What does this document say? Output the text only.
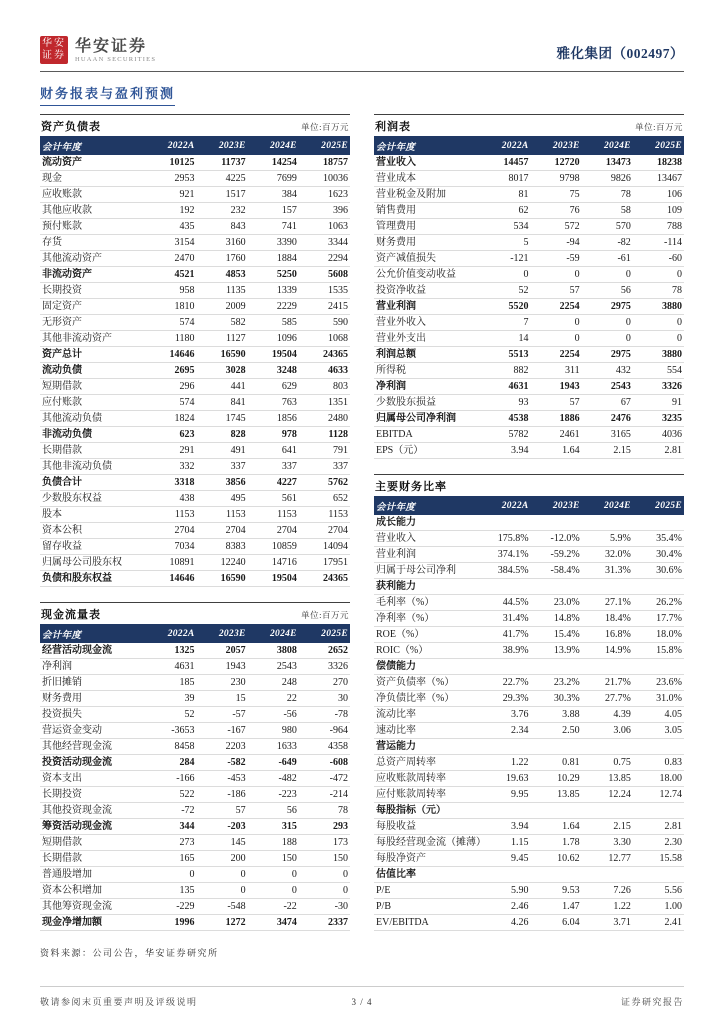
华安证券
华安证券
HUAAN SECURITIES	雅化集团（002497）
财务报表与盈利预测
资产负债表	单位:百万元
会计年度	2022A	2023E	2024E	2025E
流动资产	10125	11737	14254	18757
现金	2953	4225	7699	10036
应收账款	921	1517	384	1623
其他应收款	192	232	157	396
预付账款	435	843	741	1063
存货	3154	3160	3390	3344
其他流动资产	2470	1760	1884	2294
非流动资产	4521	4853	5250	5608
长期投资	958	1135	1339	1535
固定资产	1810	2009	2229	2415
无形资产	574	582	585	590
其他非流动资产	1180	1127	1096	1068
资产总计	14646	16590	19504	24365
流动负债	2695	3028	3248	4633
短期借款	296	441	629	803
应付账款	574	841	763	1351
其他流动负债	1824	1745	1856	2480
非流动负债	623	828	978	1128
长期借款	291	491	641	791
其他非流动负债	332	337	337	337
负债合计	3318	3856	4227	5762
少数股东权益	438	495	561	652
股本	1153	1153	1153	1153
资本公积	2704	2704	2704	2704
留存收益	7034	8383	10859	14094
归属母公司股东权	10891	12240	14716	17951
负债和股东权益	14646	16590	19504	24365
现金流量表	单位:百万元
会计年度	2022A	2023E	2024E	2025E
经营活动现金流	1325	2057	3808	2652
净利润	4631	1943	2543	3326
折旧摊销	185	230	248	270
财务费用	39	15	22	30
投资损失	52	-57	-56	-78
营运资金变动	-3653	-167	980	-964
其他经营现金流	8458	2203	1633	4358
投资活动现金流	284	-582	-649	-608
资本支出	-166	-453	-482	-472
长期投资	522	-186	-223	-214
其他投资现金流	-72	57	56	78
筹资活动现金流	344	-203	315	293
短期借款	273	145	188	173
长期借款	165	200	150	150
普通股增加	0	0	0	0
资本公积增加	135	0	0	0
其他筹资现金流	-229	-548	-22	-30
现金净增加额	1996	1272	3474	2337
资料来源：公司公告，华安证券研究所
利润表	单位:百万元
会计年度	2022A	2023E	2024E	2025E
营业收入	14457	12720	13473	18238
营业成本	8017	9798	9826	13467
营业税金及附加	81	75	78	106
销售费用	62	76	58	109
管理费用	534	572	570	788
财务费用	5	-94	-82	-114
资产减值损失	-121	-59	-61	-60
公允价值变动收益	0	0	0	0
投资净收益	52	57	56	78
营业利润	5520	2254	2975	3880
营业外收入	7	0	0	0
营业外支出	14	0	0	0
利润总额	5513	2254	2975	3880
所得税	882	311	432	554
净利润	4631	1943	2543	3326
少数股东损益	93	57	67	91
归属母公司净利润	4538	1886	2476	3235
EBITDA	5782	2461	3165	4036
EPS（元）	3.94	1.64	2.15	2.81
主要财务比率
会计年度	2022A	2023E	2024E	2025E
成长能力				
营业收入	175.8%	-12.0%	5.9%	35.4%
营业利润	374.1%	-59.2%	32.0%	30.4%
归属于母公司净利	384.5%	-58.4%	31.3%	30.6%
获利能力				
毛利率（%）	44.5%	23.0%	27.1%	26.2%
净利率（%）	31.4%	14.8%	18.4%	17.7%
ROE（%）	41.7%	15.4%	16.8%	18.0%
ROIC（%）	38.9%	13.9%	14.9%	15.8%
偿债能力				
资产负债率（%）	22.7%	23.2%	21.7%	23.6%
净负债比率（%）	29.3%	30.3%	27.7%	31.0%
流动比率	3.76	3.88	4.39	4.05
速动比率	2.34	2.50	3.06	3.05
营运能力				
总资产周转率	1.22	0.81	0.75	0.83
应收账款周转率	19.63	10.29	13.85	18.00
应付账款周转率	9.95	13.85	12.24	12.74
每股指标（元）				
每股收益	3.94	1.64	2.15	2.81
每股经营现金流（摊薄）	1.15	1.78	3.30	2.30
每股净资产	9.45	10.62	12.77	15.58
估值比率				
P/E	5.90	9.53	7.26	5.56
P/B	2.46	1.47	1.22	1.00
EV/EBITDA	4.26	6.04	3.71	2.41
敬请参阅末页重要声明及评级说明	3 / 4	证券研究报告
